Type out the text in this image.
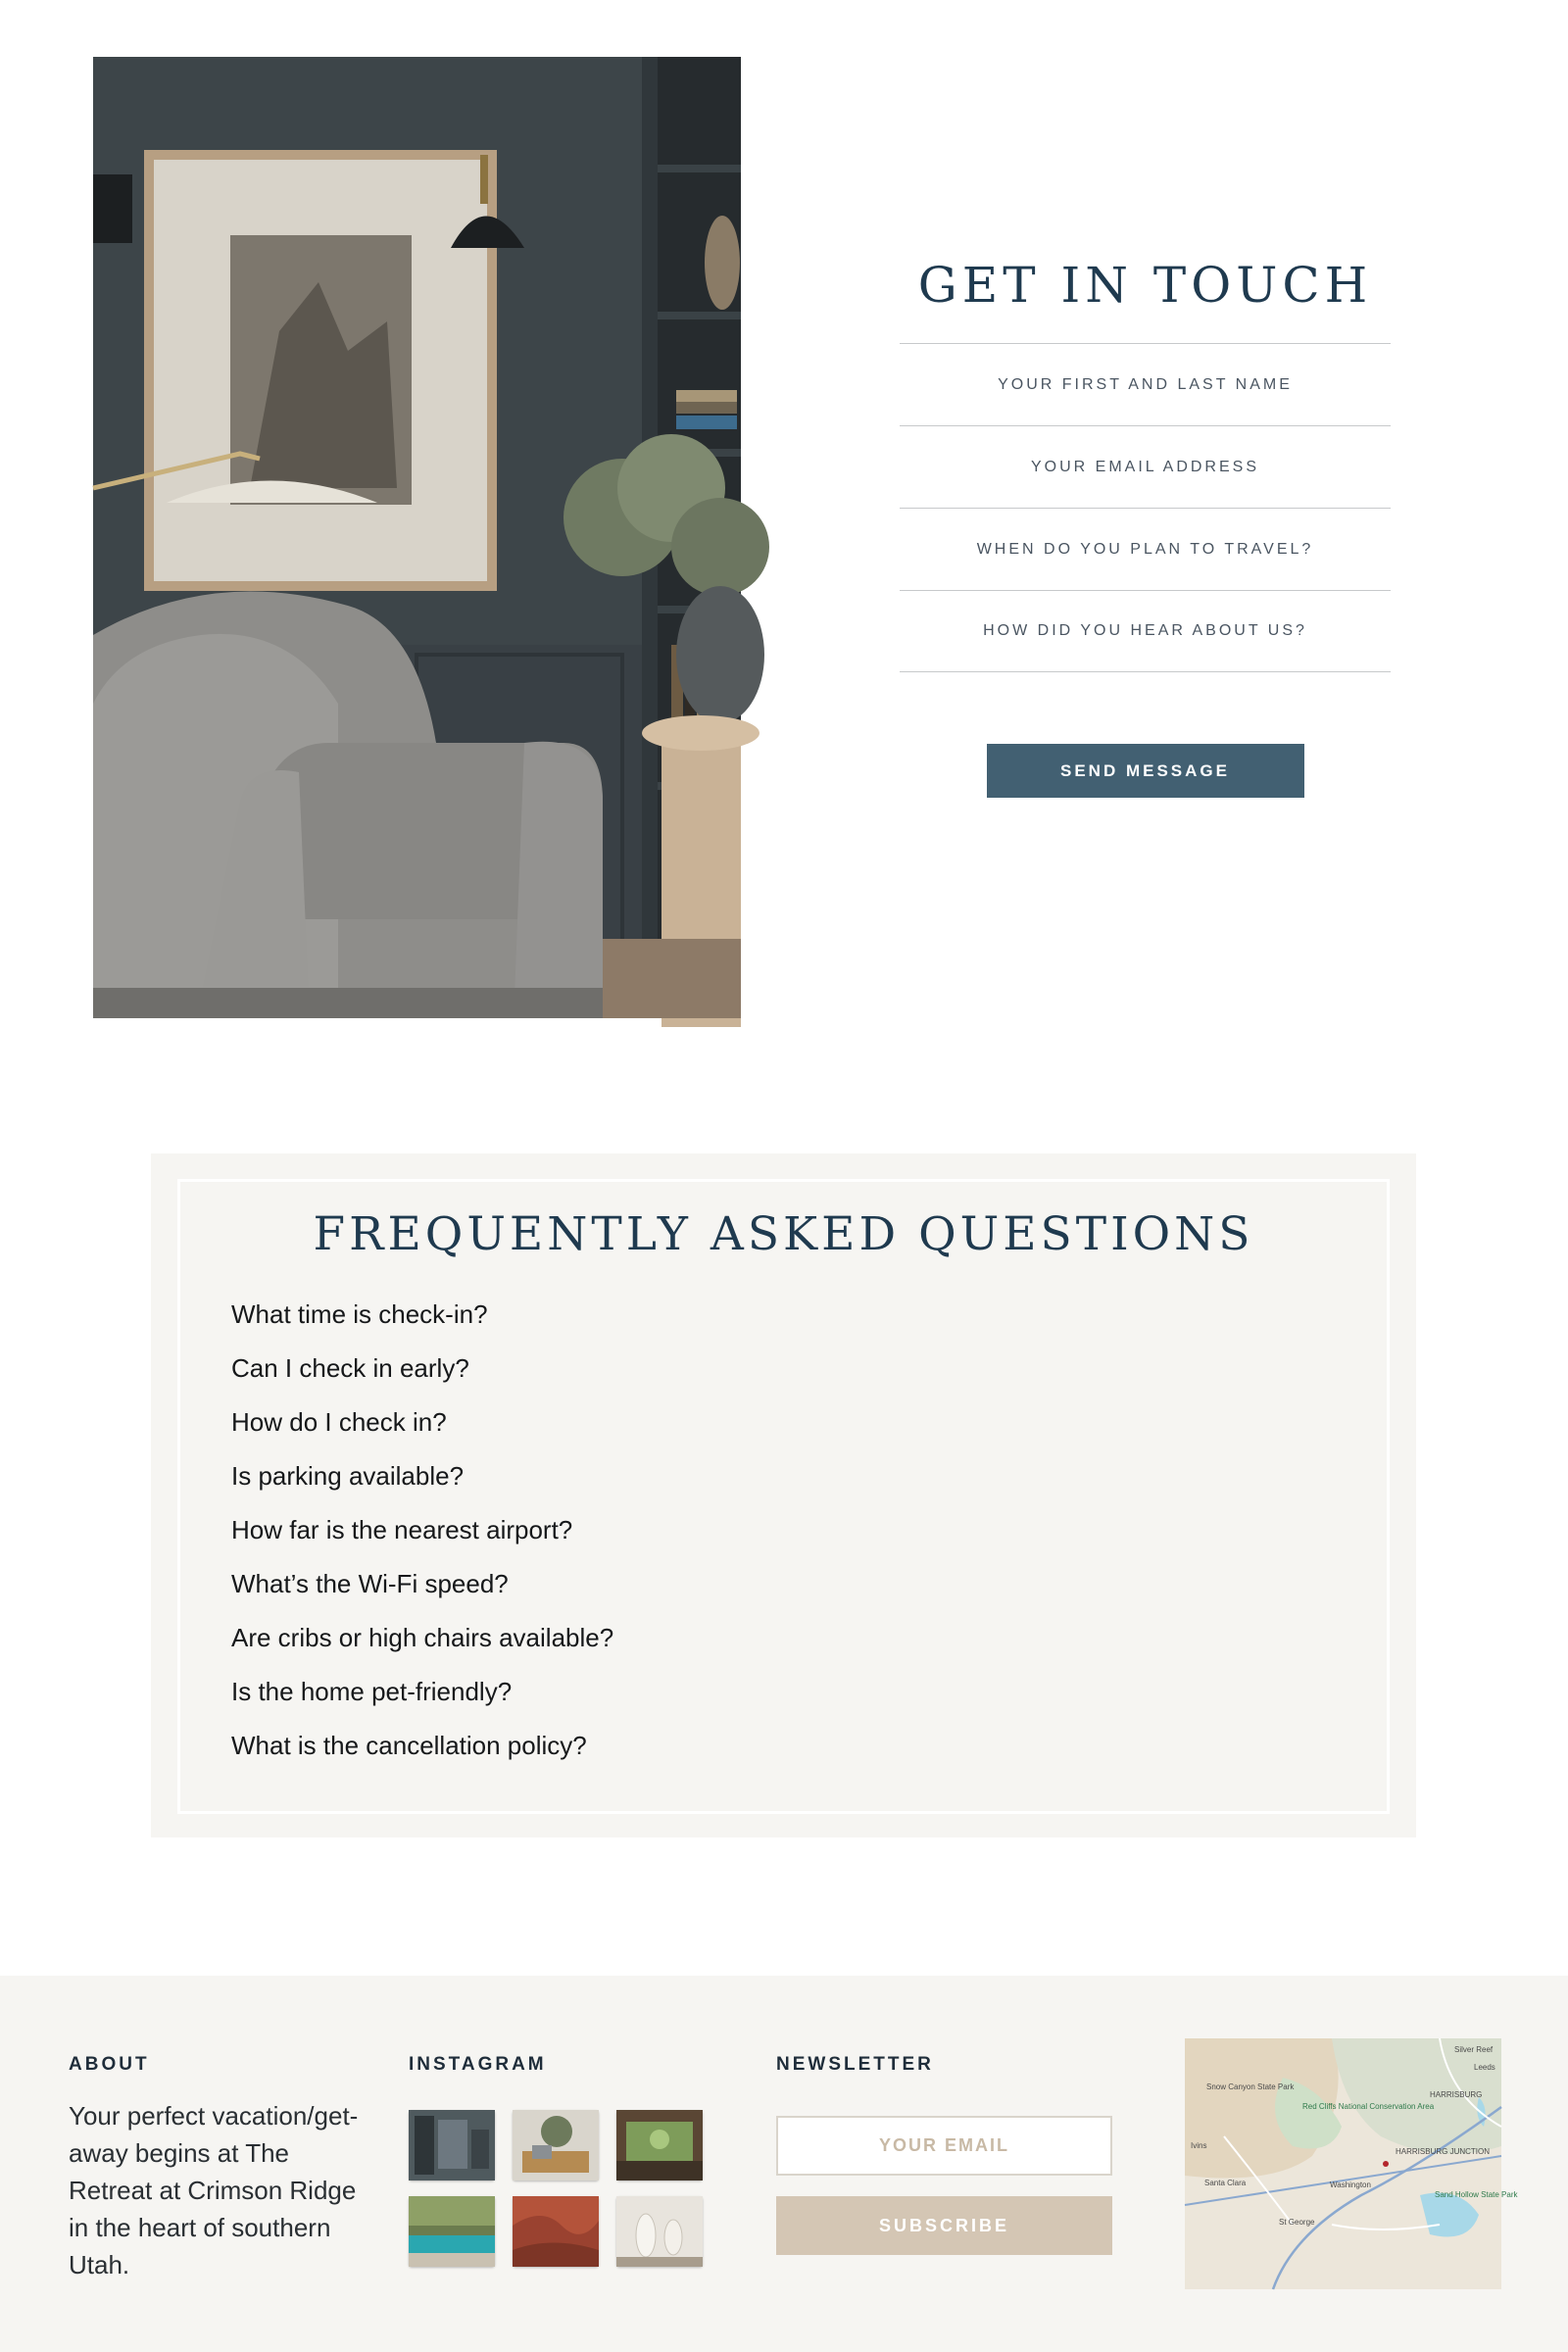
GET IN TOUCH
YOUR FIRST AND LAST NAME
YOUR EMAIL ADDRESS
WHEN DO YOU PLAN TO TRAVEL?
HOW DID YOU HEAR ABOUT US?
SEND MESSAGE
FREQUENTLY ASKED QUESTIONS
What time is check-in?
Can I check in early?
How do I check in?
Is parking available?
How far is the nearest airport?
What’s the Wi-Fi speed?
Are cribs or high chairs available?
Is the home pet-friendly?
What is the cancellation policy?
ABOUT

Your perfect vacation/get-away begins at The Retreat at Crimson Ridge in the heart of southern Utah.

INSTAGRAM	NEWSLETTER
YOUR EMAIL
SUBSCRIBE
Snow Canyon State Park
Red Cliffs National Conservation Area
Ivins
Santa Clara	Washington
St George
Sand Hollow State Park
HARRISBURG JUNCTION
Silver Reef
Leeds
HARRISBURG
